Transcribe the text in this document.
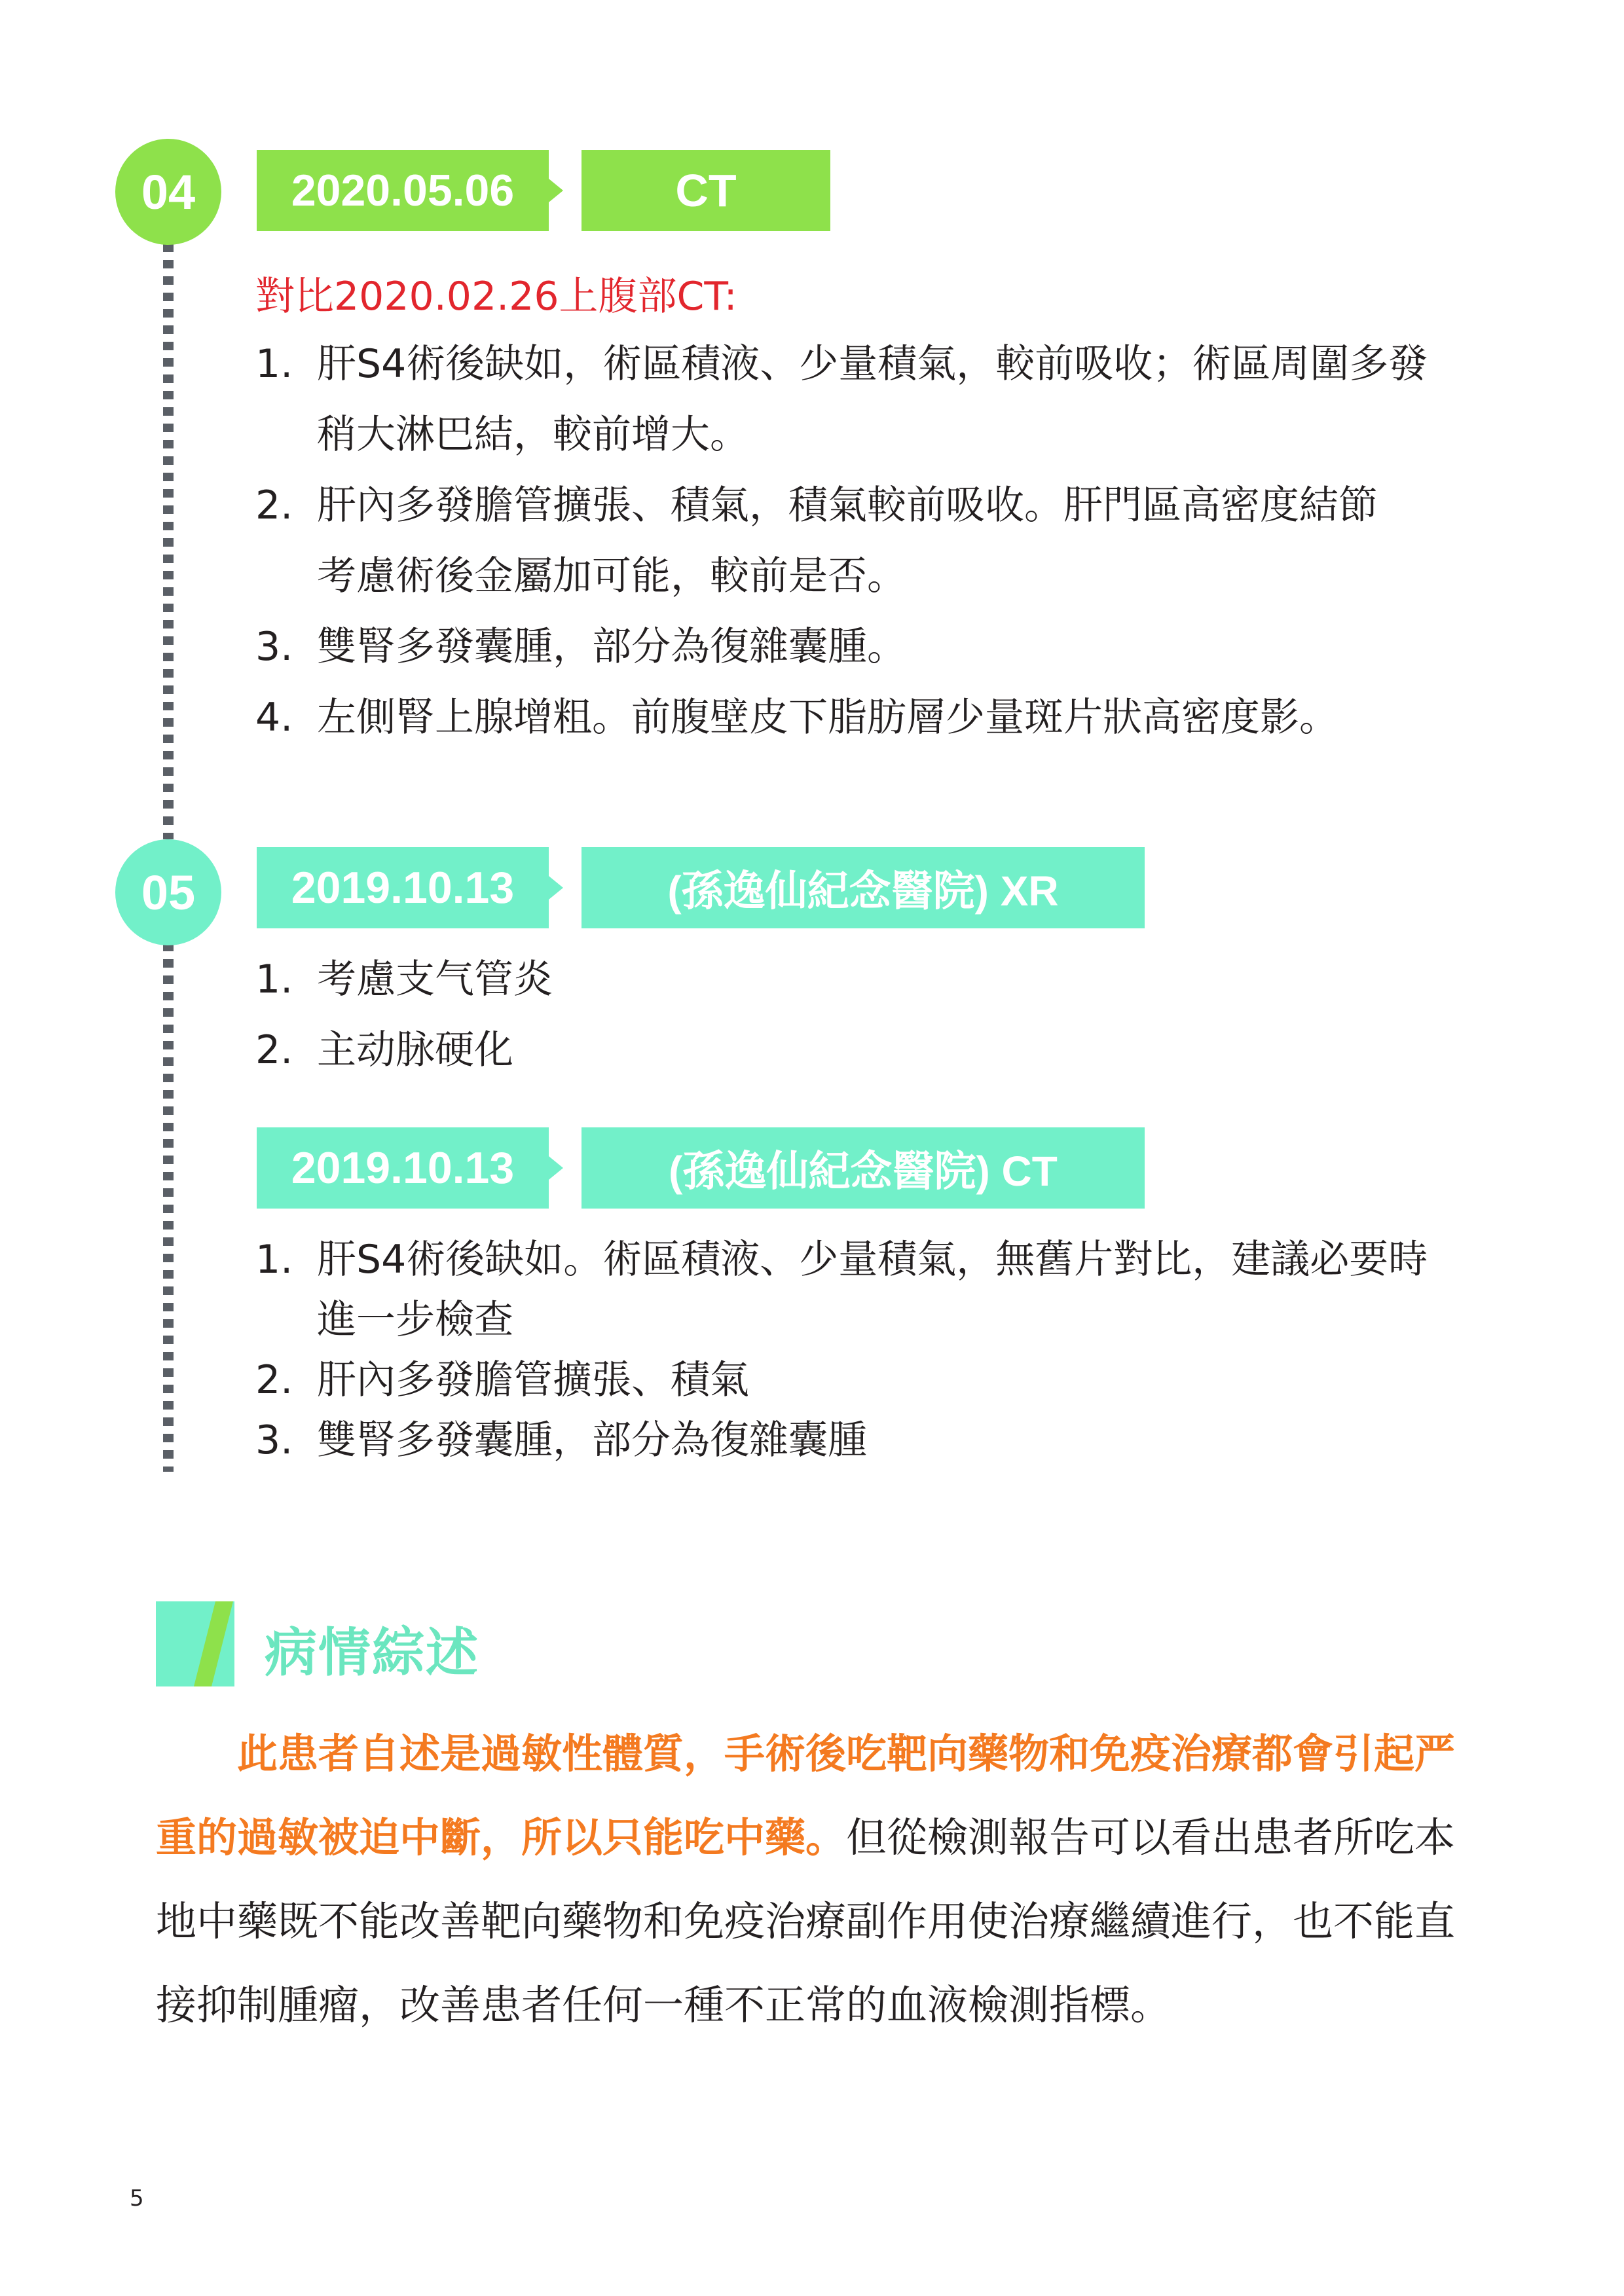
04	2020.05.06	CT
對比2020.02.26上腹部CT:
1. 肝S4術後缺如，術區積液、少量積氣，較前吸收；術區周圍多發
稍大淋巴結，較前增大。
2. 肝內多發膽管擴張、積氣，積氣較前吸收。肝門區高密度結節
考慮術後金屬加可能，較前是否。
3. 雙腎多發囊腫，部分為復雜囊腫。
4. 左側腎上腺增粗。前腹壁皮下脂肪層少量斑片狀高密度影。
05	2019.10.13	(孫逸仙紀念醫院) XR
1. 考慮支气管炎
2. 主动脉硬化
2019.10.13	(孫逸仙紀念醫院) CT
1. 肝S4術後缺如。術區積液、少量積氣，無舊片對比，建議必要時
進一步檢查
2. 肝內多發膽管擴張、積氣
3. 雙腎多發囊腫，部分為復雜囊腫
病情綜述

此患者自述是過敏性體質，手術後吃靶向藥物和免疫治療都會引起严重的過敏被迫中斷，所以只能吃中藥。但從檢測報告可以看出患者所吃本地中藥既不能改善靶向藥物和免疫治療副作用使治療繼續進行，也不能直接抑制腫瘤，改善患者任何一種不正常的血液檢測指標。

5
